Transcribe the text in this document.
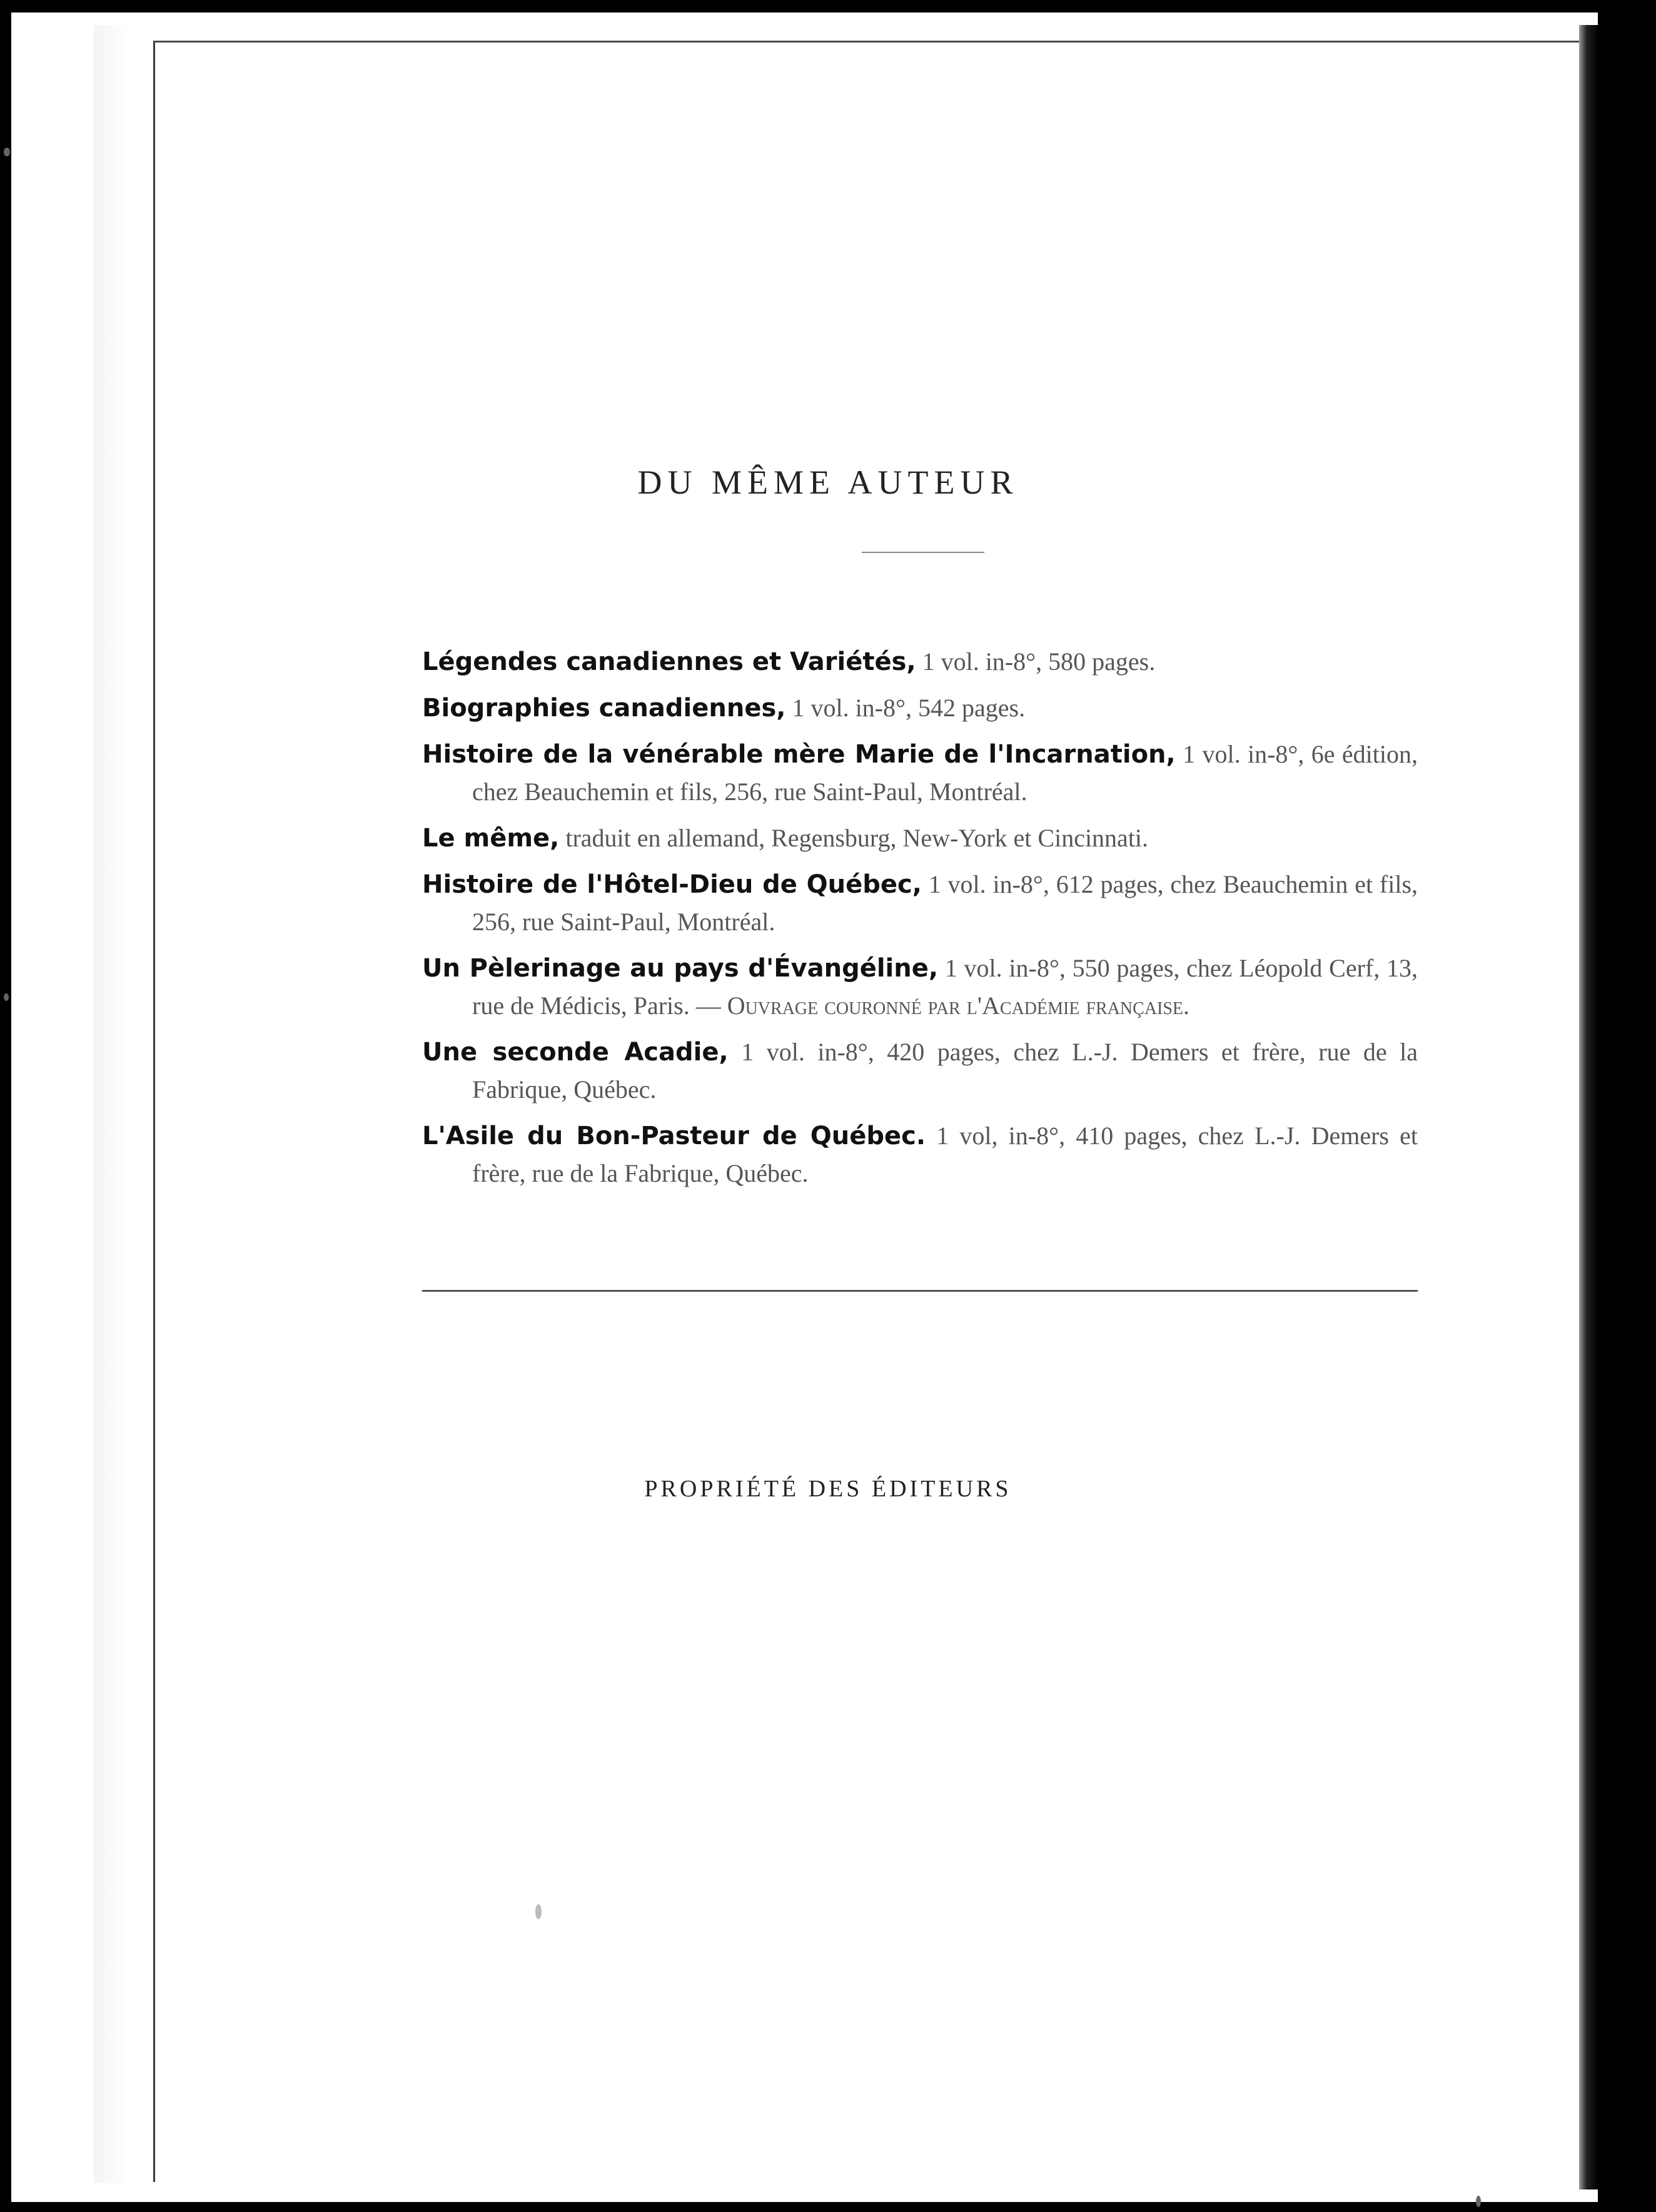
DU MÊME AUTEUR

Légendes canadiennes et Variétés, 1 vol. in-8°, 580 pages.

Biographies canadiennes, 1 vol. in-8°, 542 pages.

Histoire de la vénérable mère Marie de l'Incarnation, 1 vol. in-8°, 6e édition, chez Beauchemin et fils, 256, rue Saint-Paul, Montréal.

Le même, traduit en allemand, Regensburg, New-York et Cincinnati.

Histoire de l'Hôtel-Dieu de Québec, 1 vol. in-8°, 612 pages, chez Beauchemin et fils, 256, rue Saint-Paul, Montréal.

Un Pèlerinage au pays d'Évangéline, 1 vol. in-8°, 550 pages, chez Léopold Cerf, 13, rue de Médicis, Paris. — Ouvrage couronné par l'Académie française.

Une seconde Acadie, 1 vol. in-8°, 420 pages, chez L.-J. Demers et frère, rue de la Fabrique, Québec.

L'Asile du Bon-Pasteur de Québec. 1 vol, in-8°, 410 pages, chez L.-J. Demers et frère, rue de la Fabrique, Québec.

PROPRIÉTÉ DES ÉDITEURS
